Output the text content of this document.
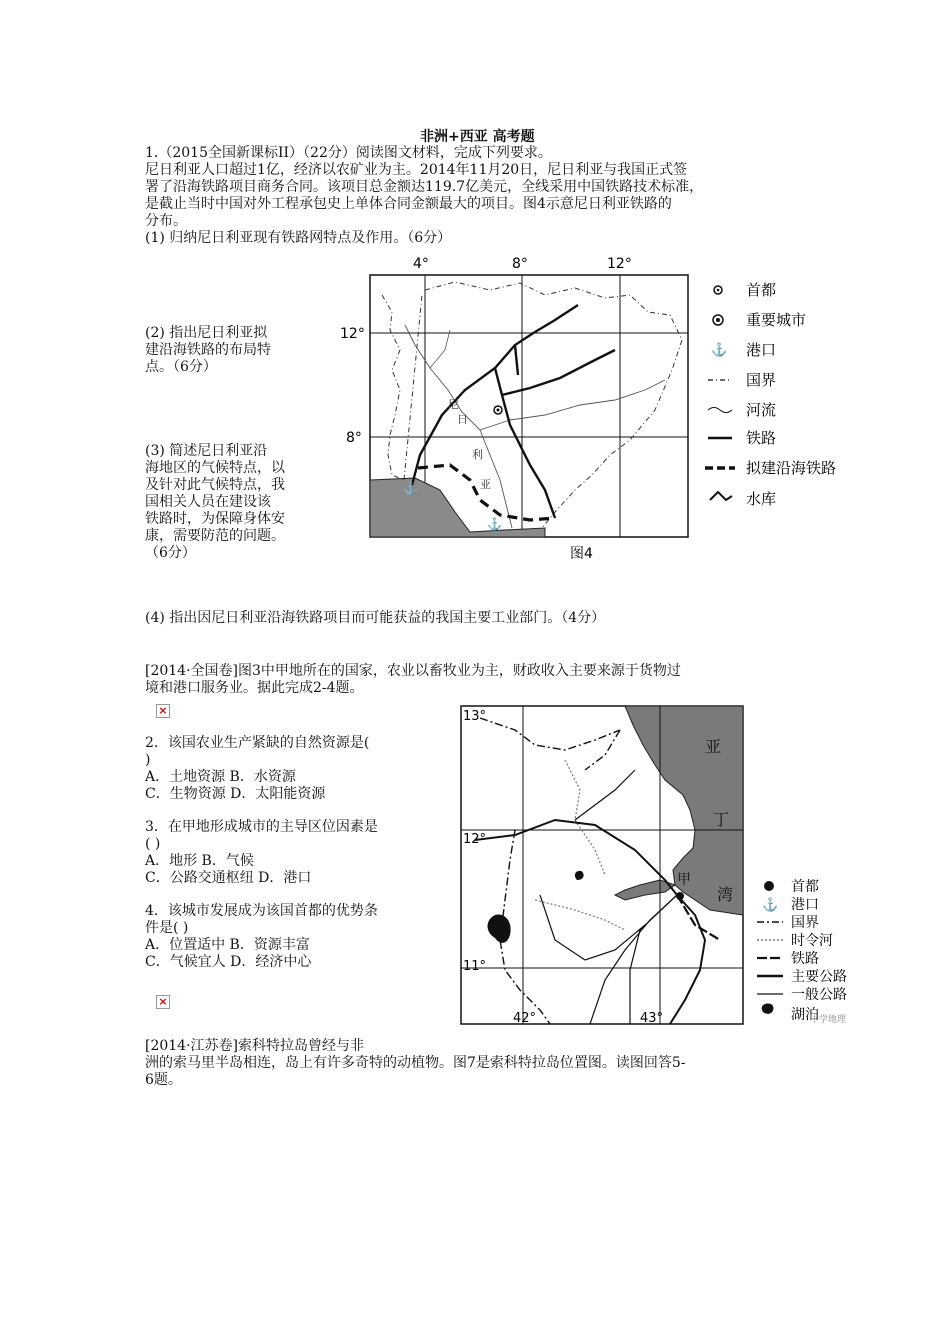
非洲+西亚 高考题
1.（2015全国新课标II）（22分）阅读图文材料，完成下列要求。
尼日利亚人口超过1亿，经济以农矿业为主。2014年11月20日，尼日利亚与我国正式签
署了沿海铁路项目商务合同。该项目总金额达119.7亿美元，全线采用中国铁路技术标准，
是截止当时中国对外工程承包史上单体合同金额最大的项目。图4示意尼日利亚铁路的
分布。
(1) 归纳尼日利亚现有铁路网特点及作用。（6分）
(2) 指出尼日利亚拟
建沿海铁路的布局特
点。（6分）
(3) 简述尼日利亚沿
海地区的气候特点，以
及针对此气候特点，我
国相关人员在建设该
铁路时，为保障身体安
康，需要防范的问题。
（6分）
(4) 指出因尼日利亚沿海铁路项目而可能获益的我国主要工业部门。（4分）
⚓
⚓
尼
日
利
亚
4°	8°	12°
12°
8°
图4
⚓
首都
重要城市
港口
国界
河流
铁路
拟建沿海铁路
水库
[2014·全国卷]图3中甲地所在的国家，农业以畜牧业为主，财政收入主要来源于货物过
境和港口服务业。据此完成2-4题。
×
2．该国农业生产紧缺的自然资源是(
)
A．土地资源 B．水资源
C．生物资源 D．太阳能资源
3．在甲地形成城市的主导区位因素是
( )
A．地形 B．气候
C．公路交通枢纽 D．港口
4．该城市发展成为该国首都的优势条
件是( )
A．位置适中 B．资源丰富
C．气候宜人 D．经济中心
×
13°
12°
11°
42°	43°
亚
丁
湾
甲
⚓
首都
港口
国界
时令河
铁路
主要公路
一般公路
湖泊
中学地理
[2014·江苏卷]索科特拉岛曾经与非
洲的索马里半岛相连，岛上有许多奇特的动植物。图7是索科特拉岛位置图。读图回答5-
6题。
